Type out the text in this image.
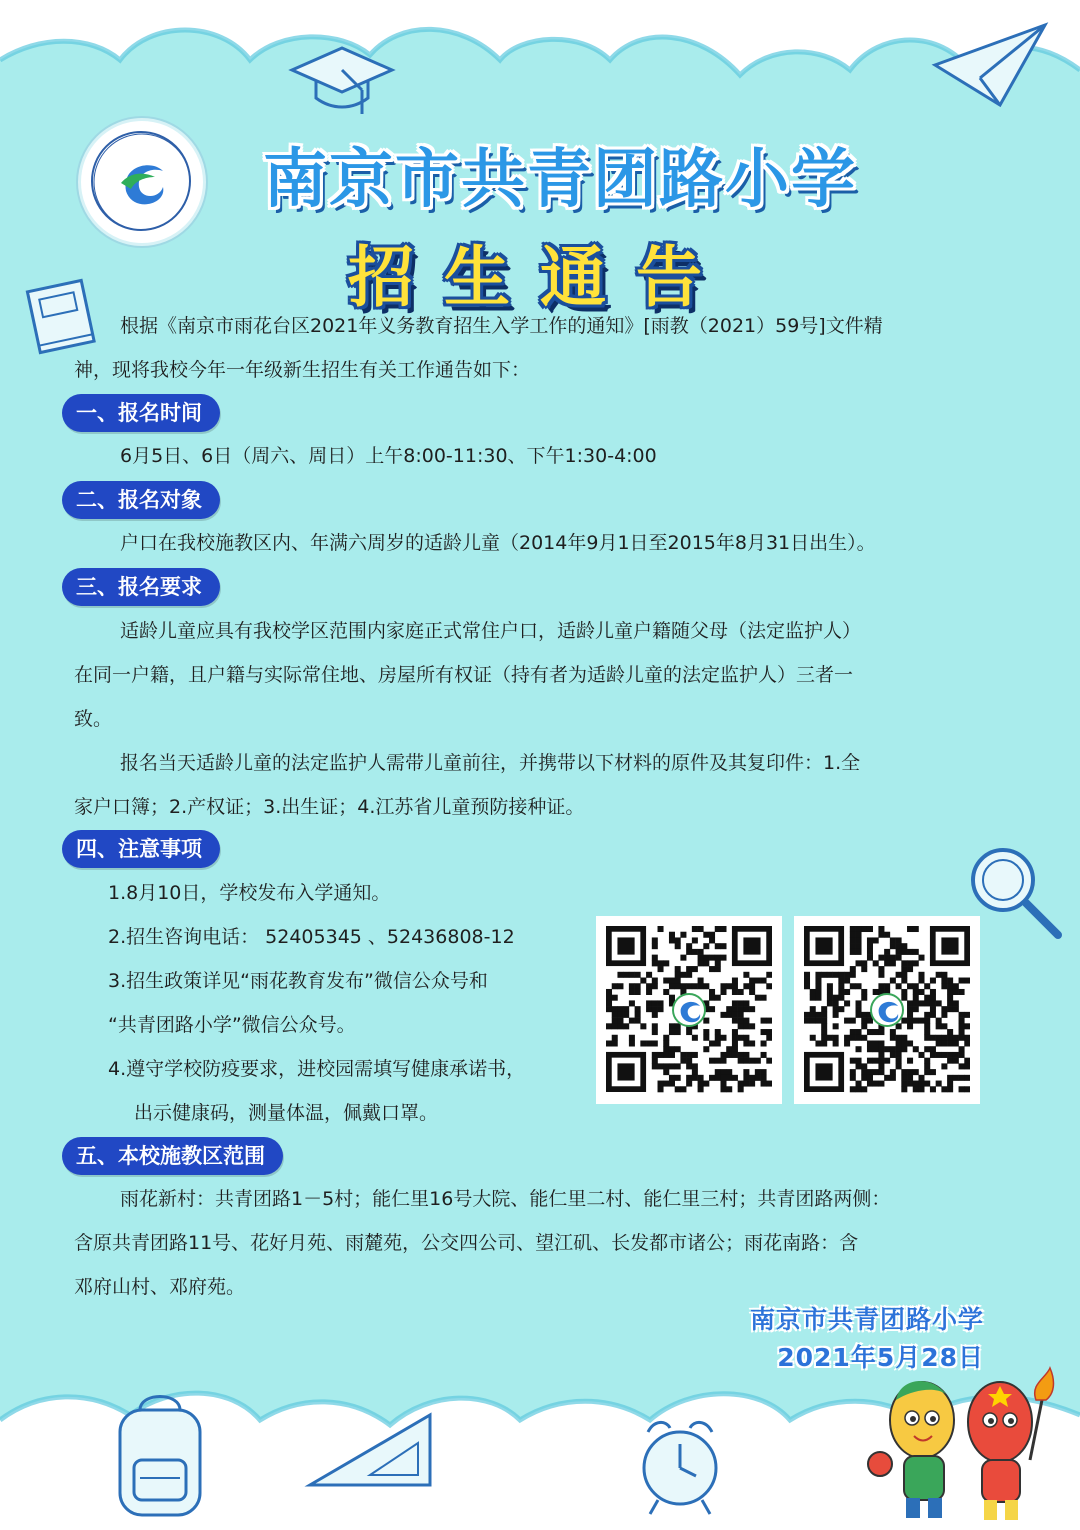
南京市共青团路小学
招生通告
根据《南京市雨花台区2021年义务教育招生入学工作的通知》[雨教（2021）59号]文件精
神，现将我校今年一年级新生招生有关工作通告如下：
一、报名时间
6月5日、6日（周六、周日）上午8:00-11:30、下午1:30-4:00
二、报名对象
户口在我校施教区内、年满六周岁的适龄儿童（2014年9月1日至2015年8月31日出生）。
三、报名要求
适龄儿童应具有我校学区范围内家庭正式常住户口，适龄儿童户籍随父母（法定监护人）
在同一户籍，且户籍与实际常住地、房屋所有权证（持有者为适龄儿童的法定监护人）三者一
致。
报名当天适龄儿童的法定监护人需带儿童前往，并携带以下材料的原件及其复印件：1.全
家户口簿；2.产权证；3.出生证；4.江苏省儿童预防接种证。
四、注意事项
1.8月10日，学校发布入学通知。
2.招生咨询电话： 52405345 、52436808-12
3.招生政策详见“雨花教育发布”微信公众号和
“共青团路小学”微信公众号。
4.遵守学校防疫要求，进校园需填写健康承诺书，
出示健康码，测量体温，佩戴口罩。
五、本校施教区范围
雨花新村：共青团路1－5村；能仁里16号大院、能仁里二村、能仁里三村；共青团路两侧：
含原共青团路11号、花好月苑、雨麓苑，公交四公司、望江矶、长发都市诸公；雨花南路：含
邓府山村、邓府苑。
南京市共青团路小学
2021年5月28日
